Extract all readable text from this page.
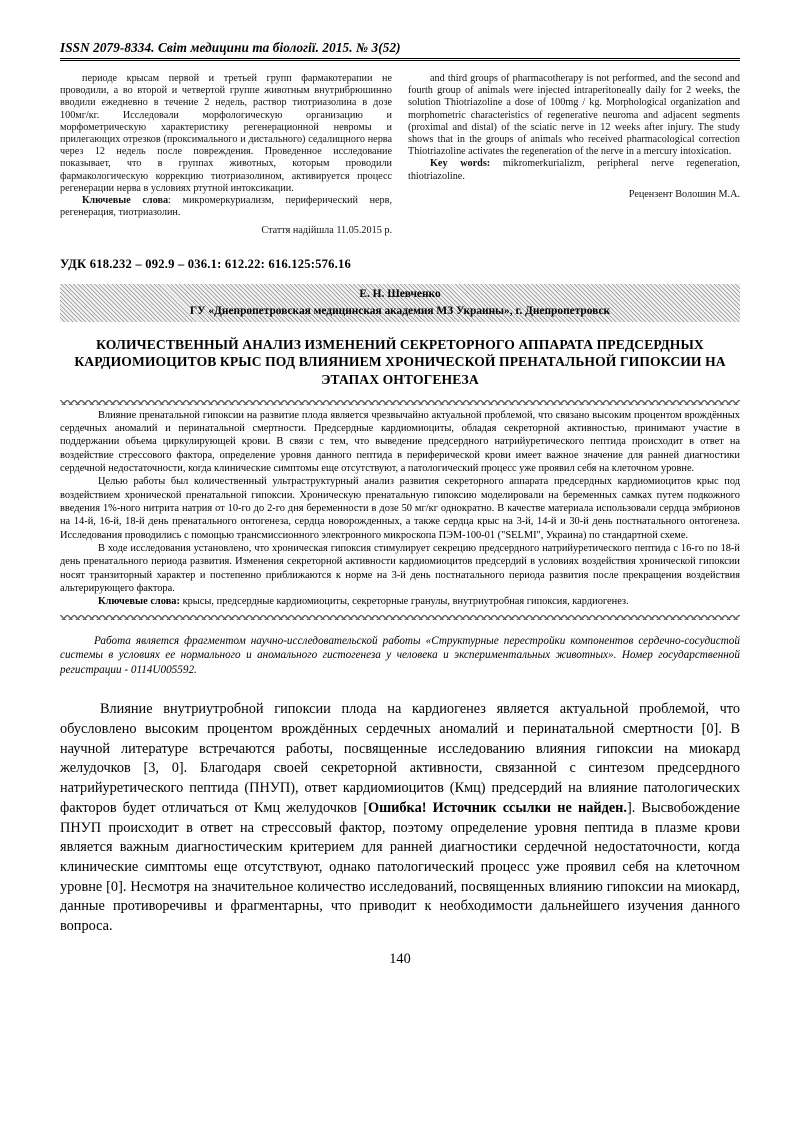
ISSN 2079-8334. Світ медицини та біології. 2015. № 3(52)

периоде крысам первой и третьей групп фармакотерапии не проводили, а во второй и четвертой группе животным внутрибрюшинно вводили ежедневно в течение 2 недель, раствор тиотриазолина в дозе 100мг/кг. Исследовали морфологическую организацию и морфометрическую характеристику регенерационной невромы и прилегающих отрезков (проксимального и дистального) седалищного нерва через 12 недель после повреждения. Проведенное исследование показывает, что в группах животных, которым проводили фармакологическую коррекцию тиотриазолином, активируется процесс регенерации нерва в условиях ртутной интоксикации.

Ключевые слова: микромеркуриализм, периферический нерв, регенерация, тиотриазолин.

Стаття надійшла 11.05.2015 р.

and third groups of pharmacotherapy is not performed, and the second and fourth group of animals were injected intraperitoneally daily for 2 weeks, the solution Thiotriazoline a dose of 100mg / kg. Morphological organization and morphometric characteristics of regenerative neuroma and adjacent segments (proximal and distal) of the sciatic nerve in 12 weeks after injury. The study shows that in the groups of animals who received pharmacological correction Thiotriazoline activates the regeneration of the nerve in a mercury intoxication.

Key words: mikromerkurializm, peripheral nerve regeneration, thiotriazoline.

Рецензент Волошин М.А.
УДК 618.232 – 092.9 – 036.1: 612.22: 616.125:576.16
Е. Н. Шевченко
ГУ «Днепропетровская медицинская академия МЗ Украины», г. Днепропетровск
КОЛИЧЕСТВЕННЫЙ АНАЛИЗ ИЗМЕНЕНИЙ СЕКРЕТОРНОГО АППАРАТА ПРЕДСЕРДНЫХ КАРДИОМИОЦИТОВ КРЫС ПОД ВЛИЯНИЕМ ХРОНИЧЕСКОЙ ПРЕНАТАЛЬНОЙ ГИПОКСИИ НА ЭТАПАХ ОНТОГЕНЕЗА

Влияние пренатальной гипоксии на развитие плода является чрезвычайно актуальной проблемой, что связано высоким процентом врождённых сердечных аномалий и перинатальной смертности. Предсердные кардиомиоциты, обладая секреторной активностью, принимают участие в поддержании объема циркулирующей крови. В связи с тем, что выведение предсердного натрийуретического пептида происходит в ответ на воздействие стрессового фактора, определение уровня данного пептида в периферической крови имеет важное значение для ранней диагностики сердечной недостаточности, когда клинические симптомы еще отсутствуют, а патологический процесс уже проявил себя на клеточном уровне.

Целью работы был количественный ультраструктурный анализ развития секреторного аппарата предсердных кардиомиоцитов крыс под воздействием хронической пренатальной гипоксии. Хроническую пренатальную гипоксию моделировали на беременных самках путем подкожного введения 1%-ного нитрита натрия от 10-го до 2-го дня беременности в дозе 50 мг/кг однократно. В качестве материала использовали сердца эмбрионов на 14-й, 16-й, 18-й день пренатального онтогенеза, сердца новорожденных, а также сердца крыс на 3-й, 14-й и 30-й день постнатального онтогенеза. Исследования проводились с помощью трансмиссионного электронного микроскопа ПЭМ-100-01 ("SELMI", Украина) по стандартной схеме.

В ходе исследования установлено, что хроническая гипоксия стимулирует секрецию предсердного натрийуретического пептида с 16-го по 18-й день пренатального периода развития. Изменения секреторной активности кардиомиоцитов предсердий в условиях воздействия хронической гипоксии носят транзиторный характер и постепенно приближаются к норме на 3-й день постнатального периода развития после прекращения воздействия альтерирующего фактора.

Ключевые слова: крысы, предсердные кардиомиоциты, секреторные гранулы, внутриутробная гипоксия, кардиогенез.

Работа является фрагментом научно-исследовательской работы «Структурные перестройки компонентов сердечно-сосудистой системы в условиях ее нормального и аномального гистогенеза у человека и экспериментальных животных». Номер государственной регистрации - 0114U005592.

Влияние внутриутробной гипоксии плода на кардиогенез является актуальной проблемой, что обусловлено высоким процентом врождённых сердечных аномалий и перинатальной смертности [0]. В научной литературе встречаются работы, посвященные исследованию влияния гипоксии на миокард желудочков [3, 0]. Благодаря своей секреторной активности, связанной с синтезом предсердного натрийуретического пептида (ПНУП), ответ кардиомиоцитов (Кмц) предсердий на влияние патологических факторов будет отличаться от Кмц желудочков [Ошибка! Источник ссылки не найден.]. Высвобождение ПНУП происходит в ответ на стрессовый фактор, поэтому определение уровня пептида в плазме крови является важным диагностическим критерием для ранней диагностики сердечной недостаточности, когда клинические симптомы еще отсутствуют, однако патологический процесс уже проявил себя на клеточном уровне [0]. Несмотря на значительное количество исследований, посвященных влиянию гипоксии на миокард, данные противоречивы и фрагментарны, что приводит к необходимости дальнейшего изучения данного вопроса.

140
